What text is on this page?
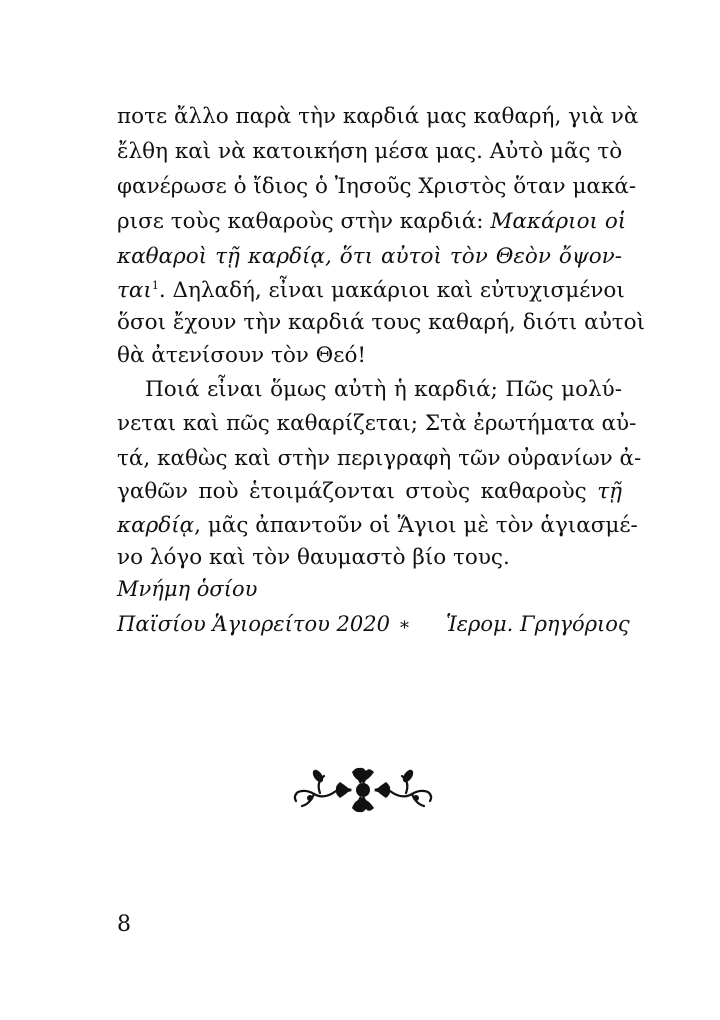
ποτε ἄλλο παρὰ τὴν καρδιά μας καθαρή, γιὰ νὰ
ἔλθη καὶ νὰ κατοικήση μέσα μας. Αὐτὸ μᾶς τὸ
φανέρωσε ὁ ἴδιος ὁ Ἰησοῦς Χριστὸς ὅταν μακά-
ρισε τοὺς καθαροὺς στὴν καρδιά: Μακάριοι οἱ
καθαροὶ τῇ καρδίᾳ, ὅτι αὐτοὶ τὸν Θεὸν ὄψον-
ται$^1$. Δηλαδή, εἶναι μακάριοι καὶ εὐτυχισμένοι
ὅσοι ἔχουν τὴν καρδιά τους καθαρή, διότι αὐτοὶ
θὰ ἀτενίσουν τὸν Θεό!
Ποιά εἶναι ὅμως αὐτὴ ἡ καρδιά; Πῶς μολύ-
νεται καὶ πῶς καθαρίζεται; Στὰ ἐρωτήματα αὐ-
τά, καθὼς καὶ στὴν περιγραφὴ τῶν οὐρανίων ἀ-
γαθῶν ποὺ ἑτοιμάζονται στοὺς καθαροὺς τῇ
καρδίᾳ, μᾶς ἀπαντοῦν οἱ Ἅγιοι μὲ τὸν ἁγιασμέ-
νο λόγο καὶ τὸν θαυμαστὸ βίο τους.
Μνήμη ὁσίου
Παϊσίου Ἁγιορείτου 2020 ⁎ Ἱερομ. Γρηγόριος
8
